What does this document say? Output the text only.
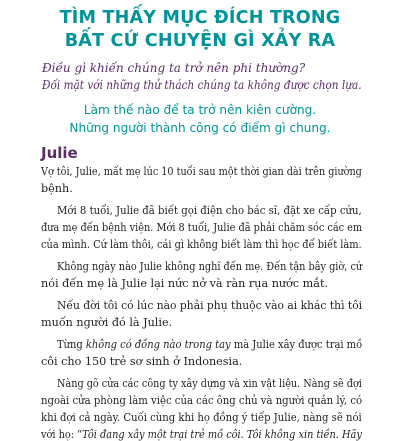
TÌM THẤY MỤC ĐÍCH TRONG
BẤT CỨ CHUYỆN GÌ XẢY RA
Điều gì khiến chúng ta trở nên phi thường?
Đối mặt với những thử thách chúng ta không được chọn lựa.
Làm thế nào để ta trở nên kiên cường.
Những người thành công có điểm gì chung.
Julie
Vợ tôi, Julie, mất mẹ lúc 10 tuổi sau một thời gian dài trên giường
bệnh.
Mới 8 tuổi, Julie đã biết gọi điện cho bác sĩ, đặt xe cấp cứu,
đưa mẹ đến bệnh viện. Mới 8 tuổi, Julie đã phải chăm sóc các em
của mình. Cứ làm thôi, cái gì không biết làm thì học để biết làm.
Không ngày nào Julie không nghĩ đến mẹ. Đến tận bây giờ, cứ
nói đến mẹ là Julie lại nức nở và ràn rụa nước mắt.
Nếu đời tôi có lúc nào phải phụ thuộc vào ai khác thì tôi
muốn người đó là Julie.
Từng không có đồng nào trong tay mà Julie xây được trại mồ
côi cho 150 trẻ sơ sinh ở Indonesia.
Nàng gõ cửa các công ty xây dựng và xin vật liệu. Nàng sẽ đợi
ngoài cửa phòng làm việc của các ông chủ và người quản lý, có
khi đợi cả ngày. Cuối cùng khi họ đồng ý tiếp Julie, nàng sẽ nói
với họ: “Tôi đang xây một trại trẻ mồ côi. Tôi không xin tiền. Hãy
